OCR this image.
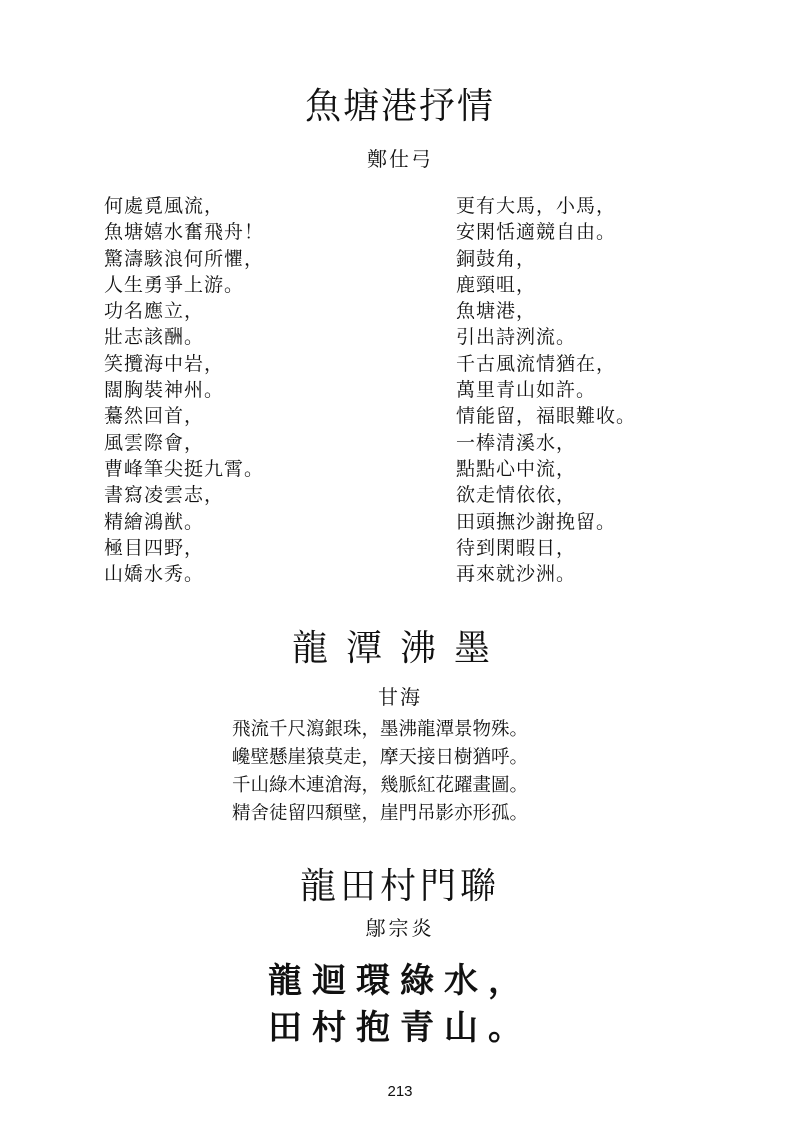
魚塘港抒情
鄭仕弓
何處覓風流，
魚塘嬉水奮飛舟！
驚濤駭浪何所懼，
人生勇爭上游。
功名應立，
壯志該酬。
笑攬海中岩，
闊胸裝神州。
驀然回首，
風雲際會，
曹峰筆尖挺九霄。
書寫凌雲志，
精繪鴻猷。
極目四野，
山嬌水秀。
更有大馬，小馬，
安閑恬適競自由。
銅鼓角，
鹿頸咀，
魚塘港，
引出詩洌流。
千古風流情猶在，
萬里青山如許。
情能留，福眼難收。
一棒清溪水，
點點心中流，
欲走情依依，
田頭撫沙謝挽留。
待到閑暇日，
再來就沙洲。
龍潭沸墨
甘海
飛流千尺瀉銀珠，墨沸龍潭景物殊。
巉壁懸崖猿莫走，摩天接日樹猶呼。
千山綠木連滄海，幾脈紅花躍畫圖。
精舍徒留四頹壁，崖門吊影亦形孤。
龍田村門聯
鄔宗炎
龍迴環綠水，
田村抱青山。
213
